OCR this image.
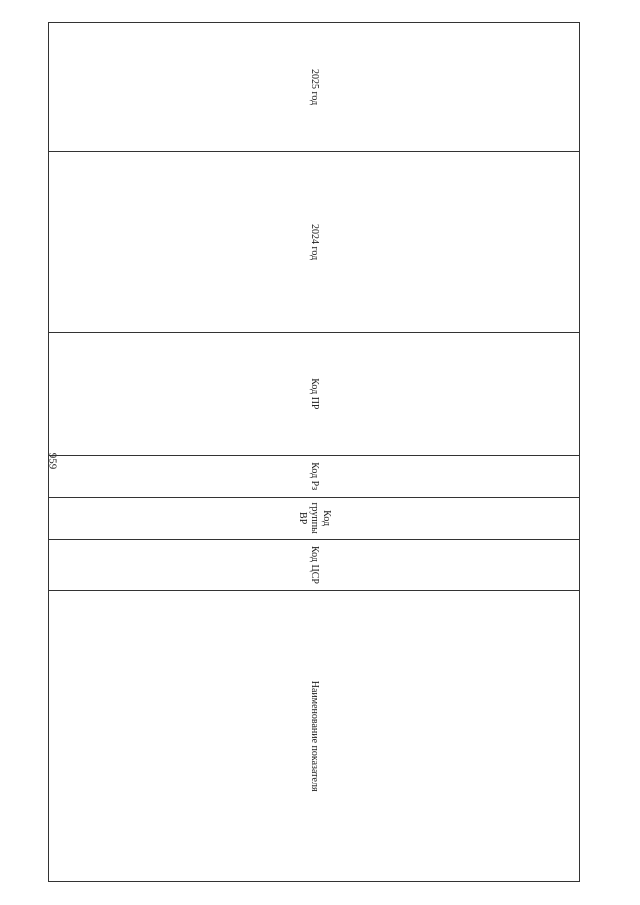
959
2025 год	2024 год	Код ПР	Код Рз	Код группы ВР	Код ЦСР	Наименование показателя
